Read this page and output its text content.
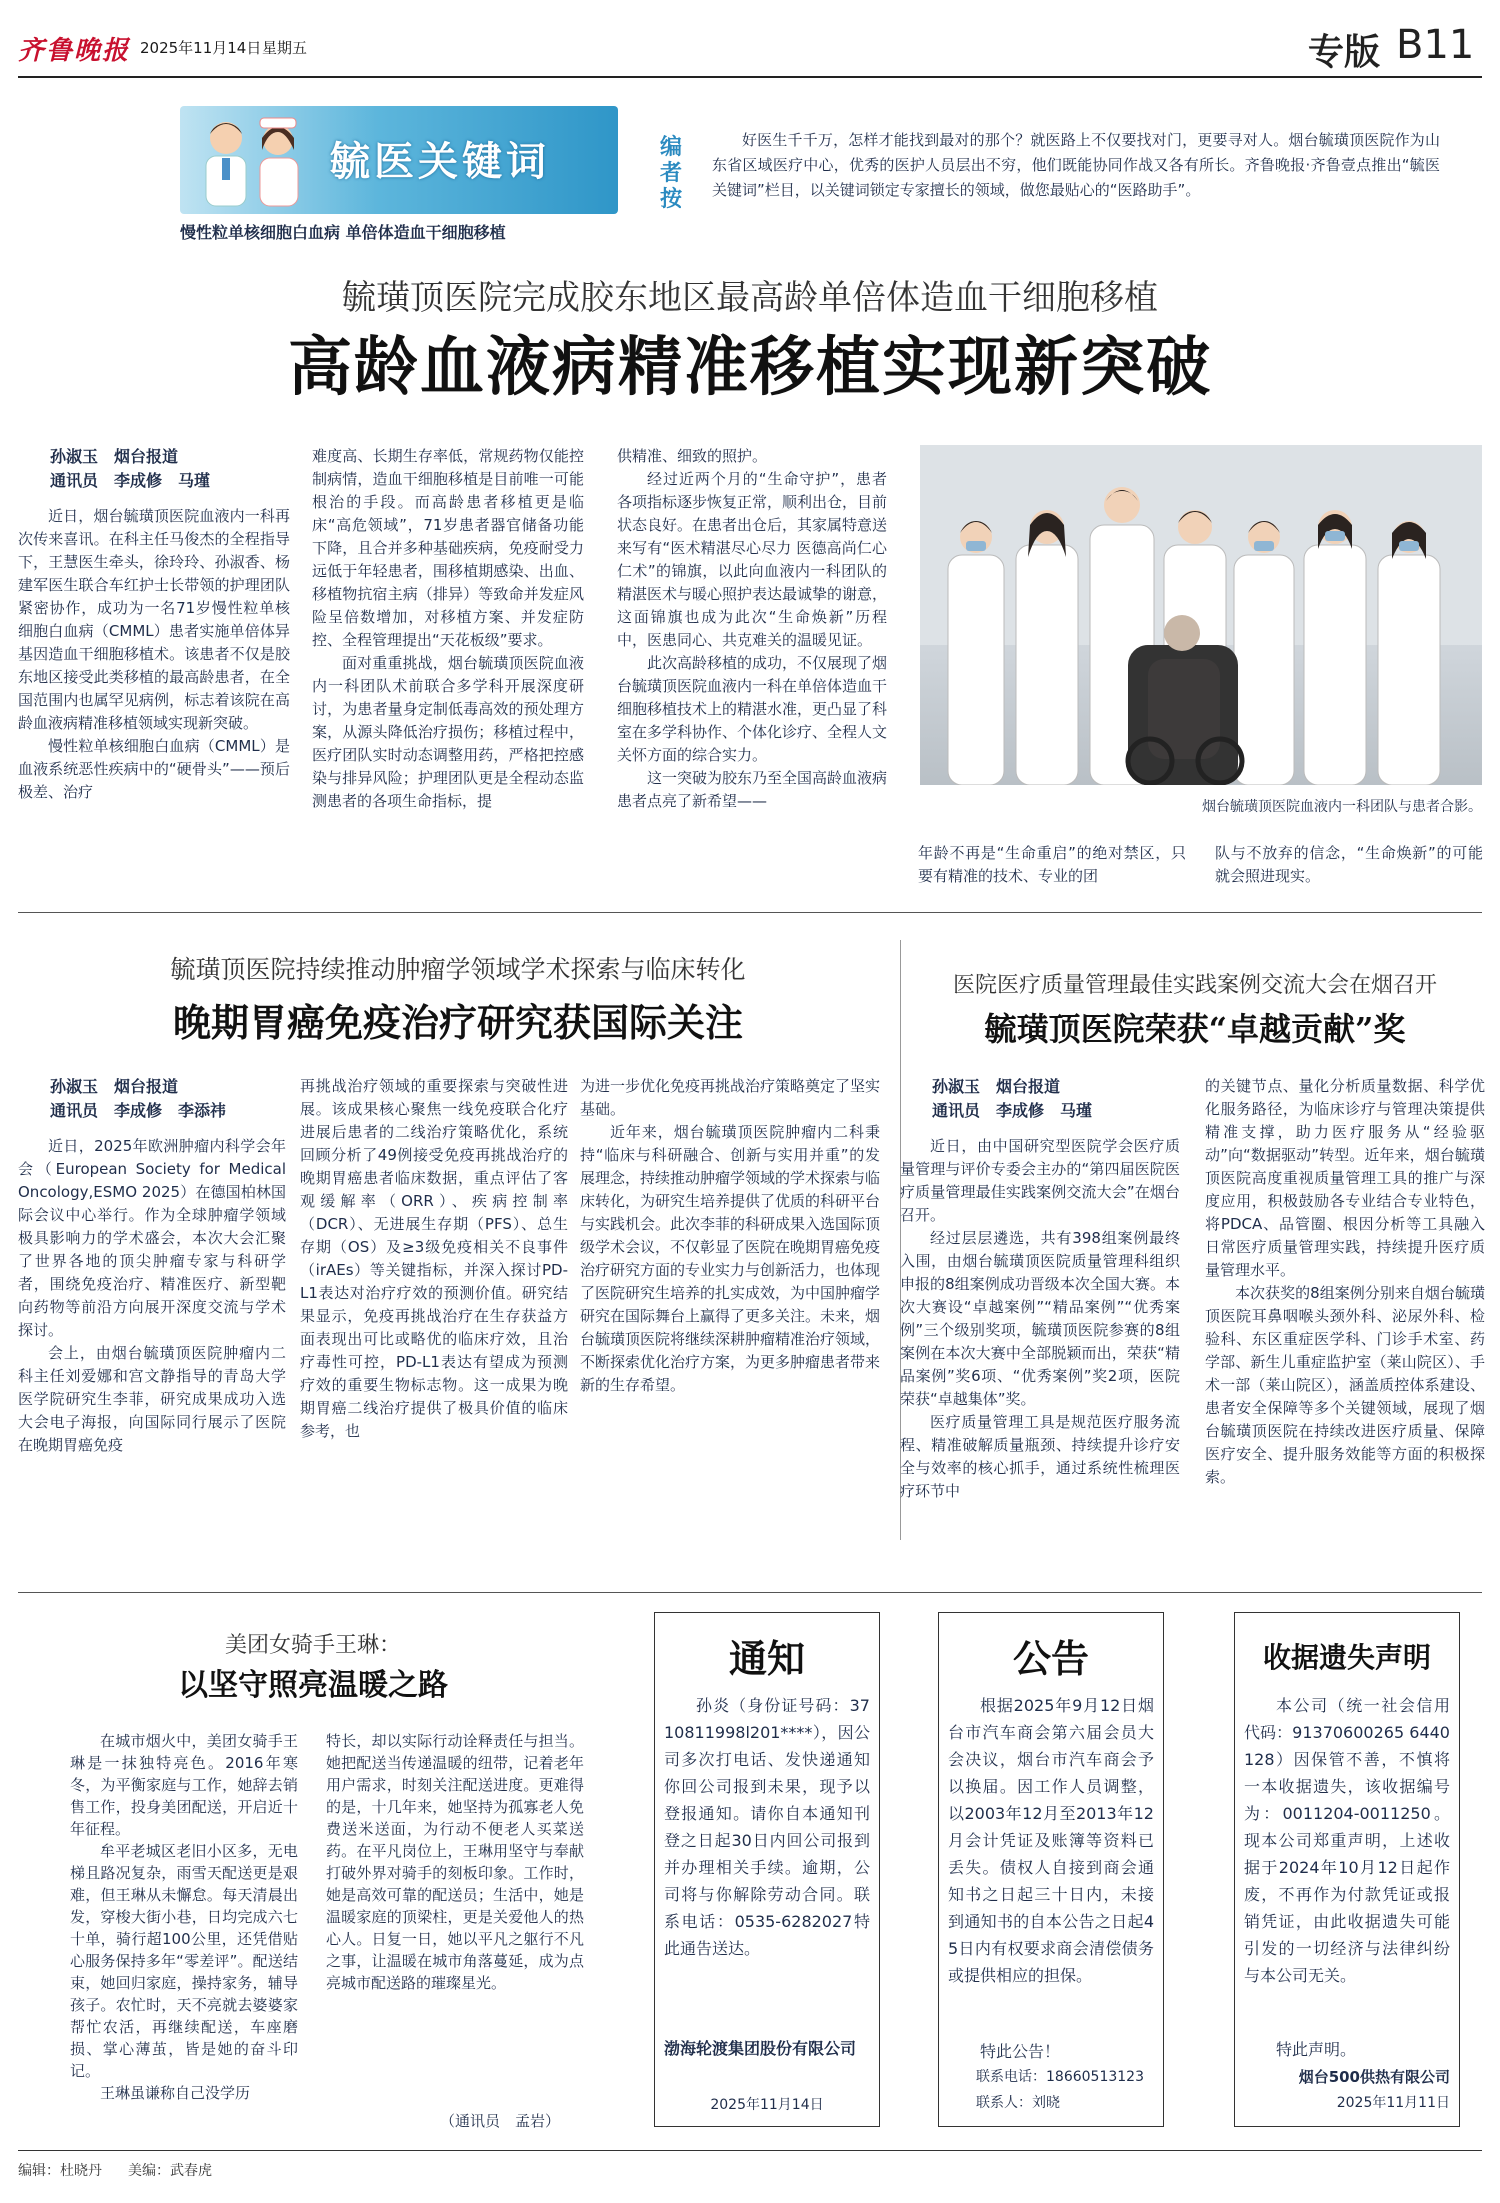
齐鲁晚报 2025年11月14日 星期五	专版 B11
毓医关键词
慢性粒单核细胞白血病 单倍体造血干细胞移植
编者按
好医生千千万，怎样才能找到最对的那个？就医路上不仅要找对门，更要寻对人。烟台毓璜顶医院作为山东省区域医疗中心，优秀的医护人员层出不穷，他们既能协同作战又各有所长。齐鲁晚报·齐鲁壹点推出“毓医关键词”栏目，以关键词锁定专家擅长的领域，做您最贴心的“医路助手”。
毓璜顶医院完成胶东地区最高龄单倍体造血干细胞移植
高龄血液病精准移植实现新突破

孙淑玉　烟台报道

通讯员　李成修　马瑾

近日，烟台毓璜顶医院血液内一科再次传来喜讯。在科主任马俊杰的全程指导下，王慧医生牵头，徐玲玲、孙淑香、杨建军医生联合车红护士长带领的护理团队紧密协作，成功为一名71岁慢性粒单核细胞白血病（CMML）患者实施单倍体异基因造血干细胞移植术。该患者不仅是胶东地区接受此类移植的最高龄患者，在全国范围内也属罕见病例，标志着该院在高龄血液病精准移植领域实现新突破。

慢性粒单核细胞白血病（CMML）是血液系统恶性疾病中的“硬骨头”——预后极差、治疗

难度高、长期生存率低，常规药物仅能控制病情，造血干细胞移植是目前唯一可能根治的手段。而高龄患者移植更是临床“高危领域”，71岁患者器官储备功能下降，且合并多种基础疾病，免疫耐受力远低于年轻患者，围移植期感染、出血、移植物抗宿主病（排异）等致命并发症风险呈倍数增加，对移植方案、并发症防控、全程管理提出“天花板级”要求。

面对重重挑战，烟台毓璜顶医院血液内一科团队术前联合多学科开展深度研讨，为患者量身定制低毒高效的预处理方案，从源头降低治疗损伤；移植过程中，医疗团队实时动态调整用药，严格把控感染与排异风险；护理团队更是全程动态监测患者的各项生命指标，提

供精准、细致的照护。

经过近两个月的“生命守护”，患者各项指标逐步恢复正常，顺利出仓，目前状态良好。在患者出仓后，其家属特意送来写有“医术精湛尽心尽力 医德高尚仁心仁术”的锦旗，以此向血液内一科团队的精湛医术与暖心照护表达最诚挚的谢意，这面锦旗也成为此次“生命焕新”历程中，医患同心、共克难关的温暖见证。

此次高龄移植的成功，不仅展现了烟台毓璜顶医院血液内一科在单倍体造血干细胞移植技术上的精湛水准，更凸显了科室在多学科协作、个体化诊疗、全程人文关怀方面的综合实力。

这一突破为胶东乃至全国高龄血液病患者点亮了新希望——	烟台毓璜顶医院血液内一科团队与患者合影。

年龄不再是“生命重启”的绝对禁区，只要有精准的技术、专业的团

队与不放弃的信念，“生命焕新”的可能就会照进现实。

毓璜顶医院持续推动肿瘤学领域学术探索与临床转化
晚期胃癌免疫治疗研究获国际关注

孙淑玉　烟台报道

通讯员　李成修　李添祎

近日，2025年欧洲肿瘤内科学会年会（European Society for Medical Oncology,ESMO 2025）在德国柏林国际会议中心举行。作为全球肿瘤学领域极具影响力的学术盛会，本次大会汇聚了世界各地的顶尖肿瘤专家与科研学者，围绕免疫治疗、精准医疗、新型靶向药物等前沿方向展开深度交流与学术探讨。

会上，由烟台毓璜顶医院肿瘤内二科主任刘爱娜和宫文静指导的青岛大学医学院研究生李菲，研究成果成功入选大会电子海报，向国际同行展示了医院在晚期胃癌免疫

再挑战治疗领域的重要探索与突破性进展。该成果核心聚焦一线免疫联合化疗进展后患者的二线治疗策略优化，系统回顾分析了49例接受免疫再挑战治疗的晚期胃癌患者临床数据，重点评估了客观缓解率（ORR）、疾病控制率（DCR）、无进展生存期（PFS）、总生存期（OS）及≥3级免疫相关不良事件（irAEs）等关键指标，并深入探讨PD-L1表达对治疗疗效的预测价值。研究结果显示，免疫再挑战治疗在生存获益方面表现出可比或略优的临床疗效，且治疗毒性可控，PD-L1表达有望成为预测疗效的重要生物标志物。这一成果为晚期胃癌二线治疗提供了极具价值的临床参考，也

为进一步优化免疫再挑战治疗策略奠定了坚实基础。

近年来，烟台毓璜顶医院肿瘤内二科秉持“临床与科研融合、创新与实用并重”的发展理念，持续推动肿瘤学领域的学术探索与临床转化，为研究生培养提供了优质的科研平台与实践机会。此次李菲的科研成果入选国际顶级学术会议，不仅彰显了医院在晚期胃癌免疫治疗研究方面的专业实力与创新活力，也体现了医院研究生培养的扎实成效，为中国肿瘤学研究在国际舞台上赢得了更多关注。未来，烟台毓璜顶医院将继续深耕肿瘤精准治疗领域，不断探索优化治疗方案，为更多肿瘤患者带来新的生存希望。

医院医疗质量管理最佳实践案例交流大会在烟召开
毓璜顶医院荣获“卓越贡献”奖

孙淑玉　烟台报道

通讯员　李成修　马瑾

近日，由中国研究型医院学会医疗质量管理与评价专委会主办的“第四届医院医疗质量管理最佳实践案例交流大会”在烟台召开。

经过层层遴选，共有398组案例最终入围，由烟台毓璜顶医院质量管理科组织申报的8组案例成功晋级本次全国大赛。本次大赛设“卓越案例”“精品案例”“优秀案例”三个级别奖项，毓璜顶医院参赛的8组案例在本次大赛中全部脱颖而出，荣获“精品案例”奖6项、“优秀案例”奖2项，医院荣获“卓越集体”奖。

医疗质量管理工具是规范医疗服务流程、精准破解质量瓶颈、持续提升诊疗安全与效率的核心抓手，通过系统性梳理医疗环节中

的关键节点、量化分析质量数据、科学优化服务路径，为临床诊疗与管理决策提供精准支撑，助力医疗服务从“经验驱动”向“数据驱动”转型。近年来，烟台毓璜顶医院高度重视质量管理工具的推广与深度应用，积极鼓励各专业结合专业特色，将PDCA、品管圈、根因分析等工具融入日常医疗质量管理实践，持续提升医疗质量管理水平。

本次获奖的8组案例分别来自烟台毓璜顶医院耳鼻咽喉头颈外科、泌尿外科、检验科、东区重症医学科、门诊手术室、药学部、新生儿重症监护室（莱山院区）、手术一部（莱山院区），涵盖质控体系建设、患者安全保障等多个关键领域，展现了烟台毓璜顶医院在持续改进医疗质量、保障医疗安全、提升服务效能等方面的积极探索。

美团女骑手王琳：
以坚守照亮温暖之路

在城市烟火中，美团女骑手王琳是一抹独特亮色。2016年寒冬，为平衡家庭与工作，她辞去销售工作，投身美团配送，开启近十年征程。

牟平老城区老旧小区多，无电梯且路况复杂，雨雪天配送更是艰难，但王琳从未懈怠。每天清晨出发，穿梭大街小巷，日均完成六七十单，骑行超100公里，还凭借贴心服务保持多年“零差评”。配送结束，她回归家庭，操持家务，辅导孩子。农忙时，天不亮就去婆婆家帮忙农活，再继续配送，车座磨损、掌心薄茧，皆是她的奋斗印记。

王琳虽谦称自己没学历

特长，却以实际行动诠释责任与担当。她把配送当传递温暖的纽带，记着老年用户需求，时刻关注配送进度。更难得的是，十几年来，她坚持为孤寡老人免费送米送面，为行动不便老人买菜送药。在平凡岗位上，王琳用坚守与奉献打破外界对骑手的刻板印象。工作时，她是高效可靠的配送员；生活中，她是温暖家庭的顶梁柱，更是关爱他人的热心人。日复一日，她以平凡之躯行不凡之事，让温暖在城市角落蔓延，成为点亮城市配送路的璀璨星光。

（通讯员　孟岩）
通知
孙炎（身份证号码：3710811998l201****），因公司多次打电话、发快递通知你回公司报到未果，现予以登报通知。请你自本通知刊登之日起30日内回公司报到并办理相关手续。逾期，公司将与你解除劳动合同。联系电话：0535-6282027特此通告送达。
渤海轮渡集团股份有限公司
2025年11月14日
公告
根据2025年9月12日烟台市汽车商会第六届会员大会决议，烟台市汽车商会予以换届。因工作人员调整，以2003年12月至2013年12月会计凭证及账簿等资料已丢失。债权人自接到商会通知书之日起三十日内，未接到通知书的自本公告之日起45日内有权要求商会清偿债务或提供相应的担保。
特此公告！
联系电话：18660513123
联系人：刘晓
收据遗失声明
本公司（统一社会信用代码：91370600265 6440128）因保管不善，不慎将一本收据遗失，该收据编号为：0011204-0011250。现本公司郑重声明，上述收据于2024年10月12日起作废，不再作为付款凭证或报销凭证，由此收据遗失可能引发的一切经济与法律纠纷与本公司无关。
特此声明。
烟台500供热有限公司
2025年11月11日
编辑：杜晓丹 美编：武春虎
